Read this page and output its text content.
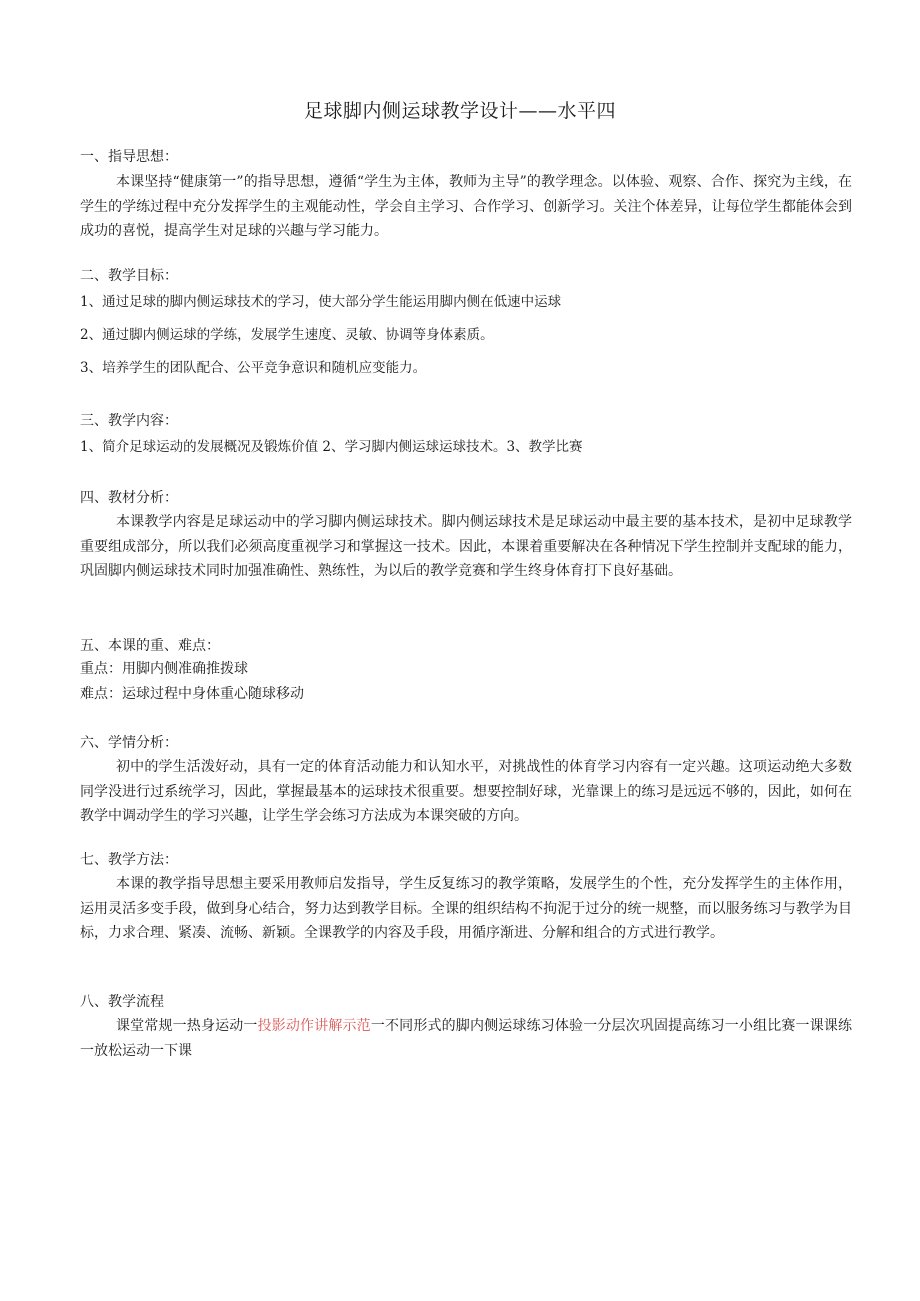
足球脚内侧运球教学设计——水平四
一、指导思想：

本课坚持“健康第一”的指导思想，遵循“学生为主体，教师为主导”的教学理念。以体验、观察、合作、探究为主线，在学生的学练过程中充分发挥学生的主观能动性，学会自主学习、合作学习、创新学习。关注个体差异，让每位学生都能体会到成功的喜悦，提高学生对足球的兴趣与学习能力。

二、教学目标：
1、通过足球的脚内侧运球技术的学习，使大部分学生能运用脚内侧在低速中运球
2、通过脚内侧运球的学练，发展学生速度、灵敏、协调等身体素质。
3、培养学生的团队配合、公平竞争意识和随机应变能力。
三、教学内容：
1、简介足球运动的发展概况及锻炼价值 2、学习脚内侧运球运球技术。3、教学比赛
四、教材分析：

本课教学内容是足球运动中的学习脚内侧运球技术。脚内侧运球技术是足球运动中最主要的基本技术，是初中足球教学重要组成部分，所以我们必须高度重视学习和掌握这一技术。因此，本课着重要解决在各种情况下学生控制并支配球的能力，巩固脚内侧运球技术同时加强准确性、熟练性，为以后的教学竞赛和学生终身体育打下良好基础。

五、本课的重、难点：
重点：用脚内侧准确推拨球
难点：运球过程中身体重心随球移动
六、学情分析：

初中的学生活泼好动，具有一定的体育活动能力和认知水平，对挑战性的体育学习内容有一定兴趣。这项运动绝大多数同学没进行过系统学习，因此，掌握最基本的运球技术很重要。想要控制好球，光靠课上的练习是远远不够的，因此，如何在教学中调动学生的学习兴趣，让学生学会练习方法成为本课突破的方向。

七、教学方法：

本课的教学指导思想主要采用教师启发指导，学生反复练习的教学策略，发展学生的个性，充分发挥学生的主体作用，运用灵活多变手段，做到身心结合，努力达到教学目标。全课的组织结构不拘泥于过分的统一规整，而以服务练习与教学为目标，力求合理、紧凑、流畅、新颖。全课教学的内容及手段，用循序渐进、分解和组合的方式进行教学。

八、教学流程

课堂常规一热身运动一投影动作讲解示范一不同形式的脚内侧运球练习体验一分层次巩固提高练习一小组比赛一课课练一放松运动一下课
